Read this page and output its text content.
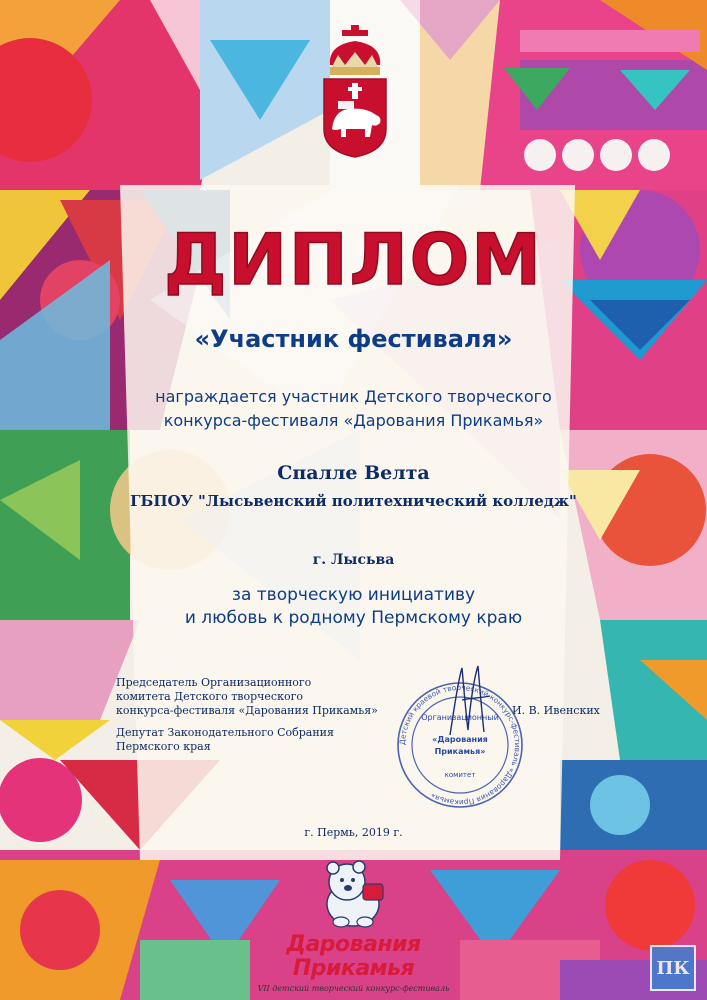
ДИПЛОМ
«Участник фестиваля»
награждается участник Детского творческого
конкурса-фестиваля «Дарования Прикамья»
Спалле Велта
ГБПОУ "Лысьвенский политехнический колледж"
г. Лысьва
за творческую инициативу
и любовь к родному Пермскому краю
Председатель Организационного
комитета Детского творческого
конкурса-фестиваля «Дарования Прикамья»
Депутат Законодательного Собрания
Пермского края
И. В. Ивенских
Детский краевой творческий конкурс-фестиваль «Дарования Прикамья»
Организационный
«Дарования
Прикамья»
комитет
г. Пермь, 2019 г.
Дарования
Прикамья
VII детский творческий конкурс-фестиваль
ПК
